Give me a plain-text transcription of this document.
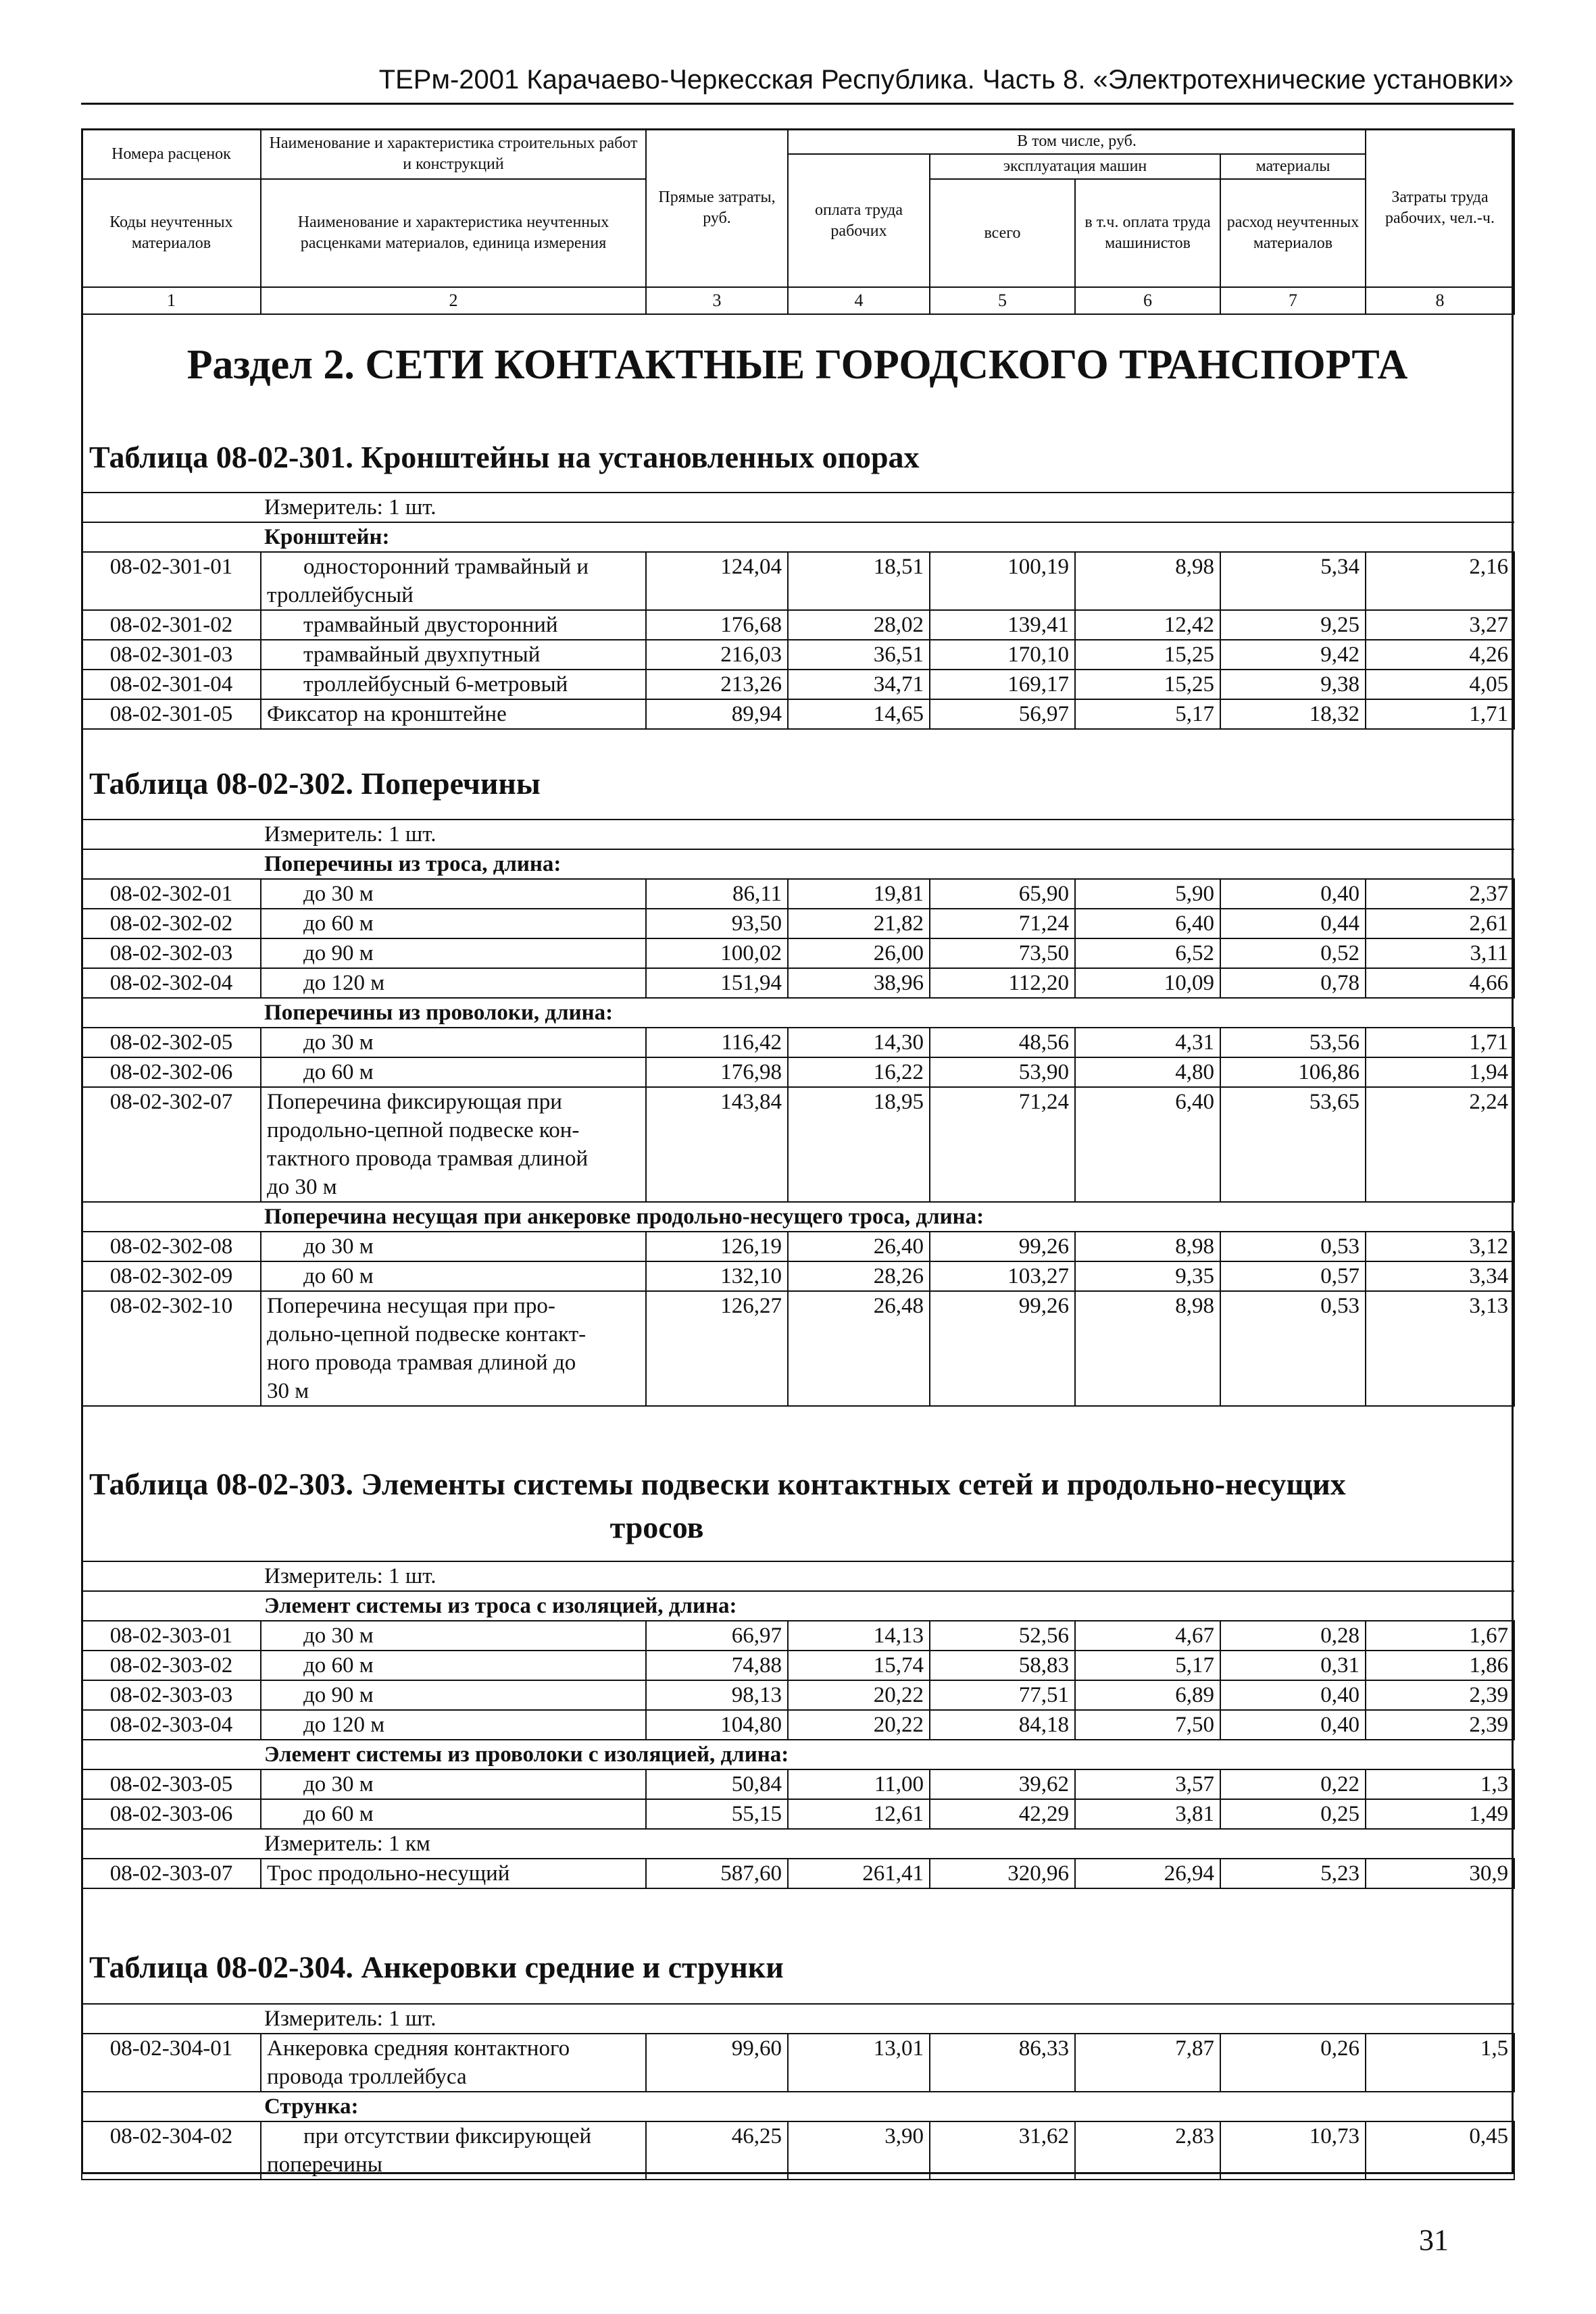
ТЕРм-2001 Карачаево-Черкесская Республика. Часть 8. «Электротехнические установки»
Номера расценок	Наименование и характеристика строительных работ и конструкций	Прямые затраты, руб.	В том числе, руб.				Затраты труда рабочих, чел.-ч.
			оплата труда рабочих	эксплуатация машин		материалы	
Коды неучтенных материалов	Наименование и характеристика неучтенных расценками материалов, единица измерения			всего	в т.ч. оплата труда машинистов	расход неучтенных материалов	

1	2	3	4	5	6	7	8
Раздел 2. СЕТИ КОНТАКТНЫЕ ГОРОДСКОГО ТРАНСПОРТА
Таблица 08-02-301. Кронштейны на установленных опорах
Измеритель: 1 шт.							
Кронштейн:							
08-02-301-01	односторонний трамвайный и
троллейбусный	124,04	18,51	100,19	8,98	5,34	2,16
08-02-301-02	трамвайный двусторонний	176,68	28,02	139,41	12,42	9,25	3,27
08-02-301-03	трамвайный двухпутный	216,03	36,51	170,10	15,25	9,42	4,26
08-02-301-04	троллейбусный 6-метровый	213,26	34,71	169,17	15,25	9,38	4,05
08-02-301-05	Фиксатор на кронштейне	89,94	14,65	56,97	5,17	18,32	1,71
Таблица 08-02-302. Поперечины
Измеритель: 1 шт.							
Поперечины из троса, длина:							
08-02-302-01	до 30 м	86,11	19,81	65,90	5,90	0,40	2,37
08-02-302-02	до 60 м	93,50	21,82	71,24	6,40	0,44	2,61
08-02-302-03	до 90 м	100,02	26,00	73,50	6,52	0,52	3,11
08-02-302-04	до 120 м	151,94	38,96	112,20	10,09	0,78	4,66
Поперечины из проволоки, длина:							
08-02-302-05	до 30 м	116,42	14,30	48,56	4,31	53,56	1,71
08-02-302-06	до 60 м	176,98	16,22	53,90	4,80	106,86	1,94
08-02-302-07	Поперечина фиксирующая при
продольно-цепной подвеске кон-
тактного провода трамвая длиной
до 30 м	143,84	18,95	71,24	6,40	53,65	2,24
Поперечина несущая при анкеровке продольно-несущего троса, длина:							
08-02-302-08	до 30 м	126,19	26,40	99,26	8,98	0,53	3,12
08-02-302-09	до 60 м	132,10	28,26	103,27	9,35	0,57	3,34
08-02-302-10	Поперечина несущая при про-
дольно-цепной подвеске контакт-
ного провода трамвая длиной до
30 м	126,27	26,48	99,26	8,98	0,53	3,13
Таблица 08-02-303. Элементы системы подвески контактных сетей и продольно-несущих
тросов
Измеритель: 1 шт.							
Элемент системы из троса с изоляцией, длина:							
08-02-303-01	до 30 м	66,97	14,13	52,56	4,67	0,28	1,67
08-02-303-02	до 60 м	74,88	15,74	58,83	5,17	0,31	1,86
08-02-303-03	до 90 м	98,13	20,22	77,51	6,89	0,40	2,39
08-02-303-04	до 120 м	104,80	20,22	84,18	7,50	0,40	2,39
Элемент системы из проволоки с изоляцией, длина:							
08-02-303-05	до 30 м	50,84	11,00	39,62	3,57	0,22	1,3
08-02-303-06	до 60 м	55,15	12,61	42,29	3,81	0,25	1,49
Измеритель: 1 км							
08-02-303-07	Трос продольно-несущий	587,60	261,41	320,96	26,94	5,23	30,9
Таблица 08-02-304. Анкеровки средние и струнки
Измеритель: 1 шт.							
08-02-304-01	Анкеровка средняя контактного
провода троллейбуса	99,60	13,01	86,33	7,87	0,26	1,5
Струнка:							
08-02-304-02	при отсутствии фиксирующей
поперечины	46,25	3,90	31,62	2,83	10,73	0,45
31
